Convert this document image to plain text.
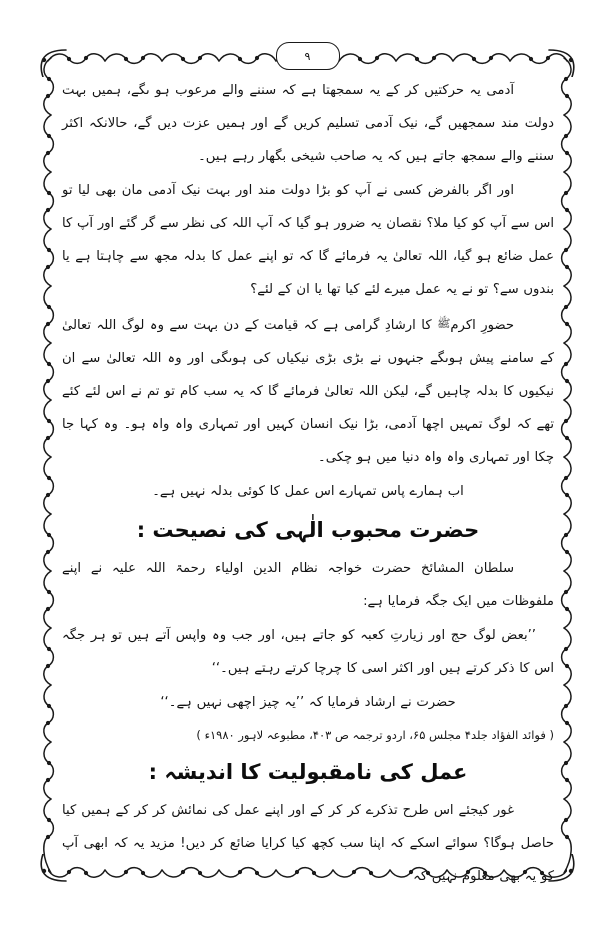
۹

آدمی یہ حرکتیں کر کے یہ سمجھتا ہے کہ سننے والے مرعوب ہو ںگے، ہمیں بہت دولت مند سمجھیں گے، نیک آدمی تسلیم کریں گے اور ہمیں عزت دیں گے، حالانکہ اکثر سننے والے سمجھ جاتے ہیں کہ یہ صاحب شیخی بگھار رہے ہیں۔

اور اگر بالفرض کسی نے آپ کو بڑا دولت مند اور بہت نیک آدمی مان بھی لیا تو اس سے آپ کو کیا ملا؟ نقصان یہ ضرور ہو گیا کہ آپ اللہ کی نظر سے گر گئے اور آپ کا عمل ضائع ہو گیا، اللہ تعالیٰ یہ فرمائے گا کہ تو اپنے عمل کا بدلہ مجھ سے چاہتا ہے یا بندوں سے؟ تو نے یہ عمل میرے لئے کیا تھا یا ان کے لئے؟

حضورِ اکرمﷺ کا ارشادِ گرامی ہے کہ قیامت کے دن بہت سے وہ لوگ اللہ تعالیٰ کے سامنے پیش ہوںگے جنہوں نے بڑی بڑی نیکیاں کی ہوںگی اور وہ اللہ تعالیٰ سے ان نیکیوں کا بدلہ چاہیں گے، لیکن اللہ تعالیٰ فرمائے گا کہ یہ سب کام تو تم نے اس لئے کئے تھے کہ لوگ تمہیں اچھا آدمی، بڑا نیک انسان کہیں اور تمہاری واہ واہ ہو۔ وہ کہا جا چکا اور تمہاری واہ واہ دنیا میں ہو چکی۔

اب ہمارے پاس تمہارے اس عمل کا کوئی بدلہ نہیں ہے۔

حضرت محبوب الٰہی کی نصیحت :

سلطان المشائخ حضرت خواجہ نظام الدین اولیاء رحمۃ اللہ علیہ نے اپنے ملفوظات میں ایک جگہ فرمایا ہے:

’’بعض لوگ حج اور زیارتِ کعبہ کو جاتے ہیں، اور جب وہ واپس آتے ہیں تو ہر جگہ اس کا ذکر کرتے ہیں اور اکثر اسی کا چرچا کرتے رہتے ہیں۔‘‘

حضرت نے ارشاد فرمایا کہ ’’یہ چیز اچھی نہیں ہے۔‘‘

( فوائد الفؤاد جلد۴ مجلس ۶۵، اردو ترجمہ ص ۴۰۳، مطبوعہ لاہور ۱۹۸۰ء )

عمل کی نامقبولیت کا اندیشہ :

غور کیجئے اس طرح تذکرے کر کر کے اور اپنے عمل کی نمائش کر کر کے ہمیں کیا حاصل ہوگا؟ سوائے اسکے کہ اپنا سب کچھ کیا کرایا ضائع کر دیں! مزید یہ کہ ابھی آپ کو یہ بھی معلوم نہیں کہ
